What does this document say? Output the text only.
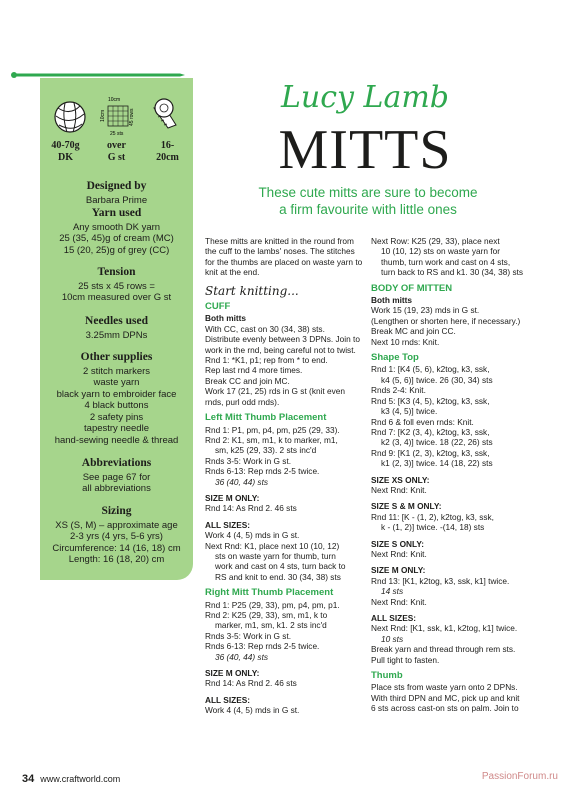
10cm
10cm	45 rows
25 sts
40-70g
DK
over
G st
16-
20cm
Designed by

Barbara Prime

Yarn used

Any smooth DK yarn

25 (35, 45)g of cream (MC)

15 (20, 25)g of grey (CC)

Tension

25 sts x 45 rows =

10cm measured over G st

Needles used

3.25mm DPNs

Other supplies

2 stitch markers

waste yarn

black yarn to embroider face

4 black buttons

2 safety pins

tapestry needle

hand-sewing needle & thread

Abbreviations

See page 67 for

all abbreviations

Sizing

XS (S, M) – approximate age

2-3 yrs (4 yrs, 5-6 yrs)

Circumference: 14 (16, 18) cm

Length: 16 (18, 20) cm

Lucy Lamb
MITTS
These cute mitts are sure to become
a firm favourite with little ones

These mitts are knitted in the round from the cuff to the lambs' noses. The stitches for the thumbs are placed on waste yarn to knit at the end.

Start knitting...
CUFF

Both mitts

With CC, cast on 30 (34, 38) sts.

Distribute evenly between 3 DPNs. Join to

work in the rnd, being careful not to twist.

Rnd 1: *K1, p1; rep from * to end.

Rep last rnd 4 more times.

Break CC and join MC.

Work 17 (21, 25) rds in G st (knit even

rnds, purl odd rnds).

Left Mitt Thumb Placement

Rnd 1: P1, pm, p4, pm, p25 (29, 33).

Rnd 2: K1, sm, m1, k to marker, m1,

sm, k25 (29, 33). 2 sts inc'd

Rnds 3-5: Work in G st.

Rnds 6-13: Rep rnds 2-5 twice.

36 (40, 44) sts

SIZE M ONLY:

Rnd 14: As Rnd 2. 46 sts

ALL SIZES:

Work 4 (4, 5) mds in G st.

Next Rnd: K1, place next 10 (10, 12)

sts on waste yarn for thumb, turn

work and cast on 4 sts, turn back to

RS and knit to end. 30 (34, 38) sts

Right Mitt Thumb Placement

Rnd 1: P25 (29, 33), pm, p4, pm, p1.

Rnd 2: K25 (29, 33), sm, m1, k to

marker, m1, sm, k1. 2 sts inc'd

Rnds 3-5: Work in G st.

Rnds 6-13: Rep rnds 2-5 twice.

36 (40, 44) sts

SIZE M ONLY:

Rnd 14: As Rnd 2. 46 sts

ALL SIZES:

Work 4 (4, 5) mds in G st.

Next Row: K25 (29, 33), place next

10 (10, 12) sts on waste yarn for

thumb, turn work and cast on 4 sts,

turn back to RS and k1. 30 (34, 38) sts

BODY OF MITTEN

Both mitts

Work 15 (19, 23) mds in G st.

(Lengthen or shorten here, if necessary.)

Break MC and join CC.

Next 10 rnds: Knit.

Shape Top

Rnd 1: [K4 (5, 6), k2tog, k3, ssk,

k4 (5, 6)] twice. 26 (30, 34) sts

Rnds 2-4: Knit.

Rnd 5: [K3 (4, 5), k2tog, k3, ssk,

k3 (4, 5)] twice.

Rnd 6 & foll even rnds: Knit.

Rnd 7: [K2 (3, 4), k2tog, k3, ssk,

k2 (3, 4)] twice. 18 (22, 26) sts

Rnd 9: [K1 (2, 3), k2tog, k3, ssk,

k1 (2, 3)] twice. 14 (18, 22) sts

SIZE XS ONLY:

Next Rnd: Knit.

SIZE S & M ONLY:

Rnd 11: [K - (1, 2), k2tog, k3, ssk,

k - (1, 2)] twice. -(14, 18) sts

SIZE S ONLY:

Next Rnd: Knit.

SIZE M ONLY:

Rnd 13: [K1, k2tog, k3, ssk, k1] twice.

14 sts

Next Rnd: Knit.

ALL SIZES:

Next Rnd: [K1, ssk, k1, k2tog, k1] twice.

10 sts

Break yarn and thread through rem sts.

Pull tight to fasten.

Thumb

Place sts from waste yarn onto 2 DPNs.

With third DPN and MC, pick up and knit

6 sts across cast-on sts on palm. Join to

34 www.craftworld.com	PassionForum.ru
